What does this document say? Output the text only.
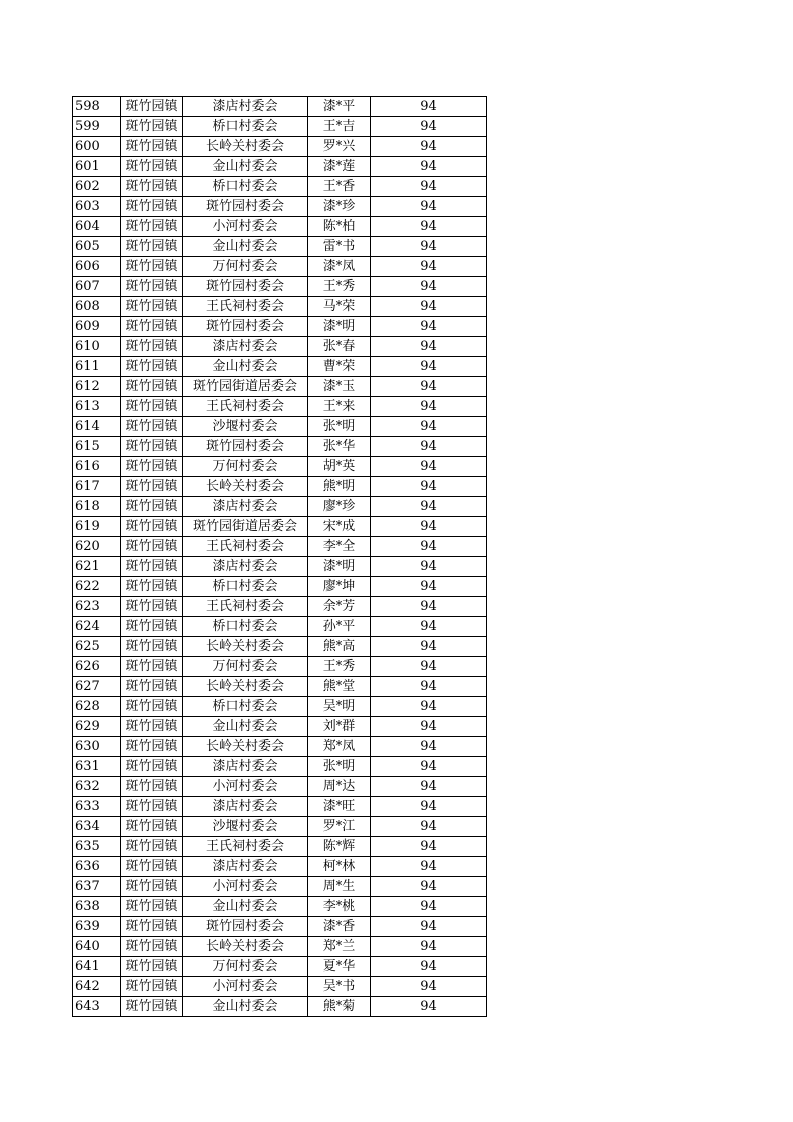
598	斑竹园镇	漆店村委会	漆*平	94
599	斑竹园镇	桥口村委会	王*吉	94
600	斑竹园镇	长岭关村委会	罗*兴	94
601	斑竹园镇	金山村委会	漆*莲	94
602	斑竹园镇	桥口村委会	王*香	94
603	斑竹园镇	斑竹园村委会	漆*珍	94
604	斑竹园镇	小河村委会	陈*柏	94
605	斑竹园镇	金山村委会	雷*书	94
606	斑竹园镇	万何村委会	漆*凤	94
607	斑竹园镇	斑竹园村委会	王*秀	94
608	斑竹园镇	王氏祠村委会	马*荣	94
609	斑竹园镇	斑竹园村委会	漆*明	94
610	斑竹园镇	漆店村委会	张*春	94
611	斑竹园镇	金山村委会	曹*荣	94
612	斑竹园镇	斑竹园街道居委会	漆*玉	94
613	斑竹园镇	王氏祠村委会	王*来	94
614	斑竹园镇	沙堰村委会	张*明	94
615	斑竹园镇	斑竹园村委会	张*华	94
616	斑竹园镇	万何村委会	胡*英	94
617	斑竹园镇	长岭关村委会	熊*明	94
618	斑竹园镇	漆店村委会	廖*珍	94
619	斑竹园镇	斑竹园街道居委会	宋*成	94
620	斑竹园镇	王氏祠村委会	李*全	94
621	斑竹园镇	漆店村委会	漆*明	94
622	斑竹园镇	桥口村委会	廖*坤	94
623	斑竹园镇	王氏祠村委会	余*芳	94
624	斑竹园镇	桥口村委会	孙*平	94
625	斑竹园镇	长岭关村委会	熊*高	94
626	斑竹园镇	万何村委会	王*秀	94
627	斑竹园镇	长岭关村委会	熊*堂	94
628	斑竹园镇	桥口村委会	吴*明	94
629	斑竹园镇	金山村委会	刘*群	94
630	斑竹园镇	长岭关村委会	郑*凤	94
631	斑竹园镇	漆店村委会	张*明	94
632	斑竹园镇	小河村委会	周*达	94
633	斑竹园镇	漆店村委会	漆*旺	94
634	斑竹园镇	沙堰村委会	罗*江	94
635	斑竹园镇	王氏祠村委会	陈*辉	94
636	斑竹园镇	漆店村委会	柯*林	94
637	斑竹园镇	小河村委会	周*生	94
638	斑竹园镇	金山村委会	李*桃	94
639	斑竹园镇	斑竹园村委会	漆*香	94
640	斑竹园镇	长岭关村委会	郑*兰	94
641	斑竹园镇	万何村委会	夏*华	94
642	斑竹园镇	小河村委会	吴*书	94
643	斑竹园镇	金山村委会	熊*菊	94
